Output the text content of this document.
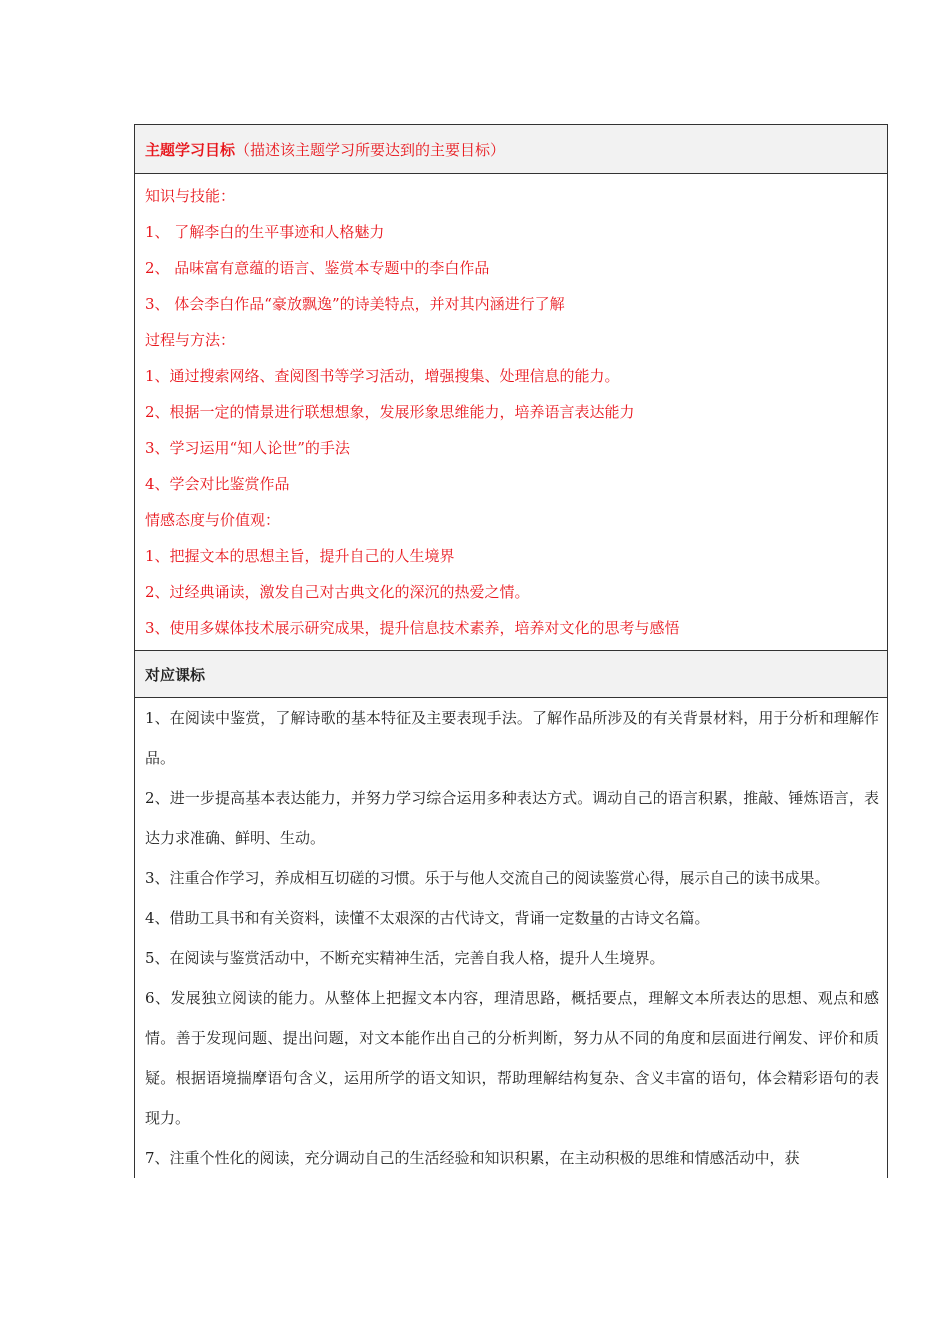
主题学习目标 （描述该主题学习所要达到的主要目标）
知识与技能：
1、 了解李白的生平事迹和人格魅力
2、 品味富有意蕴的语言、鉴赏本专题中的李白作品
3、 体会李白作品“豪放飘逸”的诗美特点，并对其内涵进行了解
过程与方法：
1、通过搜索网络、查阅图书等学习活动，增强搜集、处理信息的能力。
2、根据一定的情景进行联想想象，发展形象思维能力，培养语言表达能力
3、学习运用“知人论世”的手法
4、学会对比鉴赏作品
情感态度与价值观：
1、把握文本的思想主旨，提升自己的人生境界
2、过经典诵读，激发自己对古典文化的深沉的热爱之情。
3、使用多媒体技术展示研究成果，提升信息技术素养，培养对文化的思考与感悟
对应课标

1、在阅读中鉴赏，了解诗歌的基本特征及主要表现手法。了解作品所涉及的有关背景材料，用于分析和理解作品。

2、进一步提高基本表达能力，并努力学习综合运用多种表达方式。调动自己的语言积累，推敲、锤炼语言，表达力求准确、鲜明、生动。

3、注重合作学习，养成相互切磋的习惯。乐于与他人交流自己的阅读鉴赏心得，展示自己的读书成果。

4、借助工具书和有关资料，读懂不太艰深的古代诗文，背诵一定数量的古诗文名篇。

5、在阅读与鉴赏活动中，不断充实精神生活，完善自我人格，提升人生境界。

6、发展独立阅读的能力。从整体上把握文本内容，理清思路，概括要点，理解文本所表达的思想、观点和感情。善于发现问题、提出问题，对文本能作出自己的分析判断，努力从不同的角度和层面进行阐发、评价和质疑。根据语境揣摩语句含义，运用所学的语文知识，帮助理解结构复杂、含义丰富的语句，体会精彩语句的表现力。

7、注重个性化的阅读，充分调动自己的生活经验和知识积累，在主动积极的思维和情感活动中，获
